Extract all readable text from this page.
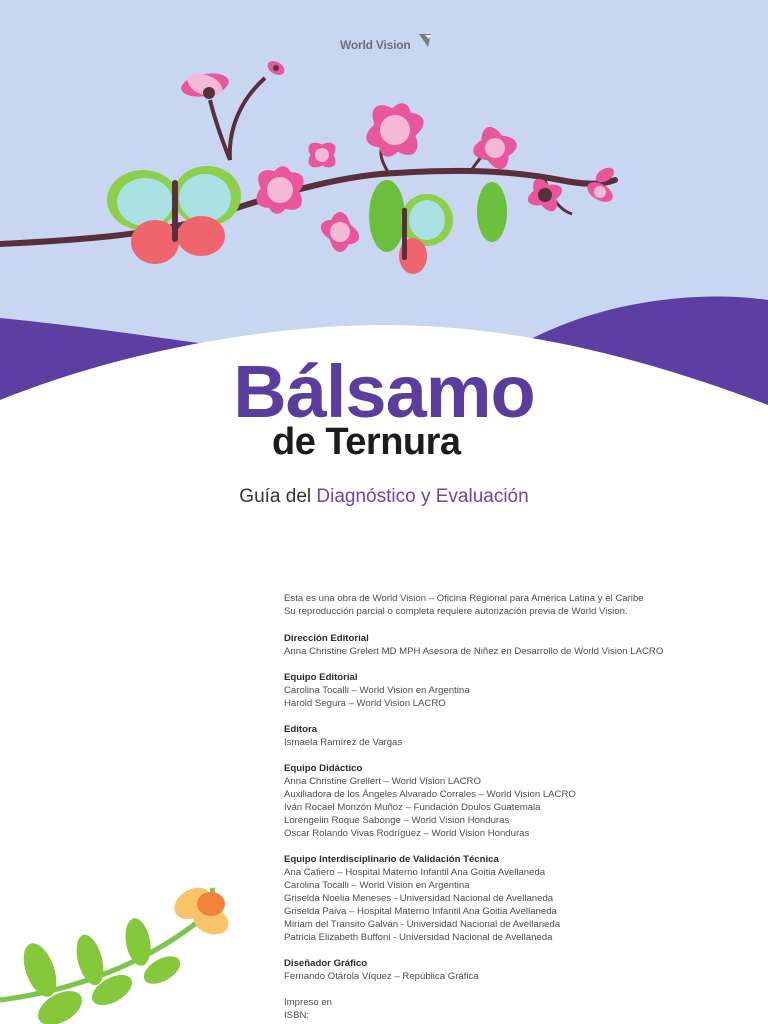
World Vision
Bálsamo
de Ternura
Guía del Diagnóstico y Evaluación
Esta es una obra de World Vision – Oficina Regional para América Latina y el Caribe
Su reproducción parcial o completa requiere autorización previa de World Vision.
Dirección Editorial
Anna Christine Grelert MD MPH Asesora de Niñez en Desarrollo de World Vision LACRO
Equipo Editorial
Carolina Tocalli – World Vision en Argentina
Harold Segura – World Vision LACRO
Editora
Ismaela Ramírez de Vargas
Equipo Didáctico
Anna Christine Grellert – World Vision LACRO
Auxiliadora de los Ángeles Alvarado Corrales – World Vision LACRO
Iván Rocael Monzón Muñoz – Fundación Doulos Guatemala
Lorengelin Roque Sabonge – World Vision Honduras
Oscar Rolando Vivas Rodríguez – World Vision Honduras
Equipo Interdisciplinario de Validación Técnica
Ana Cafiero – Hospital Materno Infantil Ana Goitia Avellaneda
Carolina Tocalli – World Vision en Argentina
Griselda Noelia Meneses - Universidad Nacional de Avellaneda
Griselda Paiva – Hospital Materno Infantil Ana Goitia Avellaneda
Miriam del Transito Galván - Universidad Nacional de Avellaneda
Patricia Elizabeth Buffoni - Universidad Nacional de Avellaneda
Diseñador Gráfico
Fernando Otárola Víquez – República Gráfica
Impreso en
ISBN:
